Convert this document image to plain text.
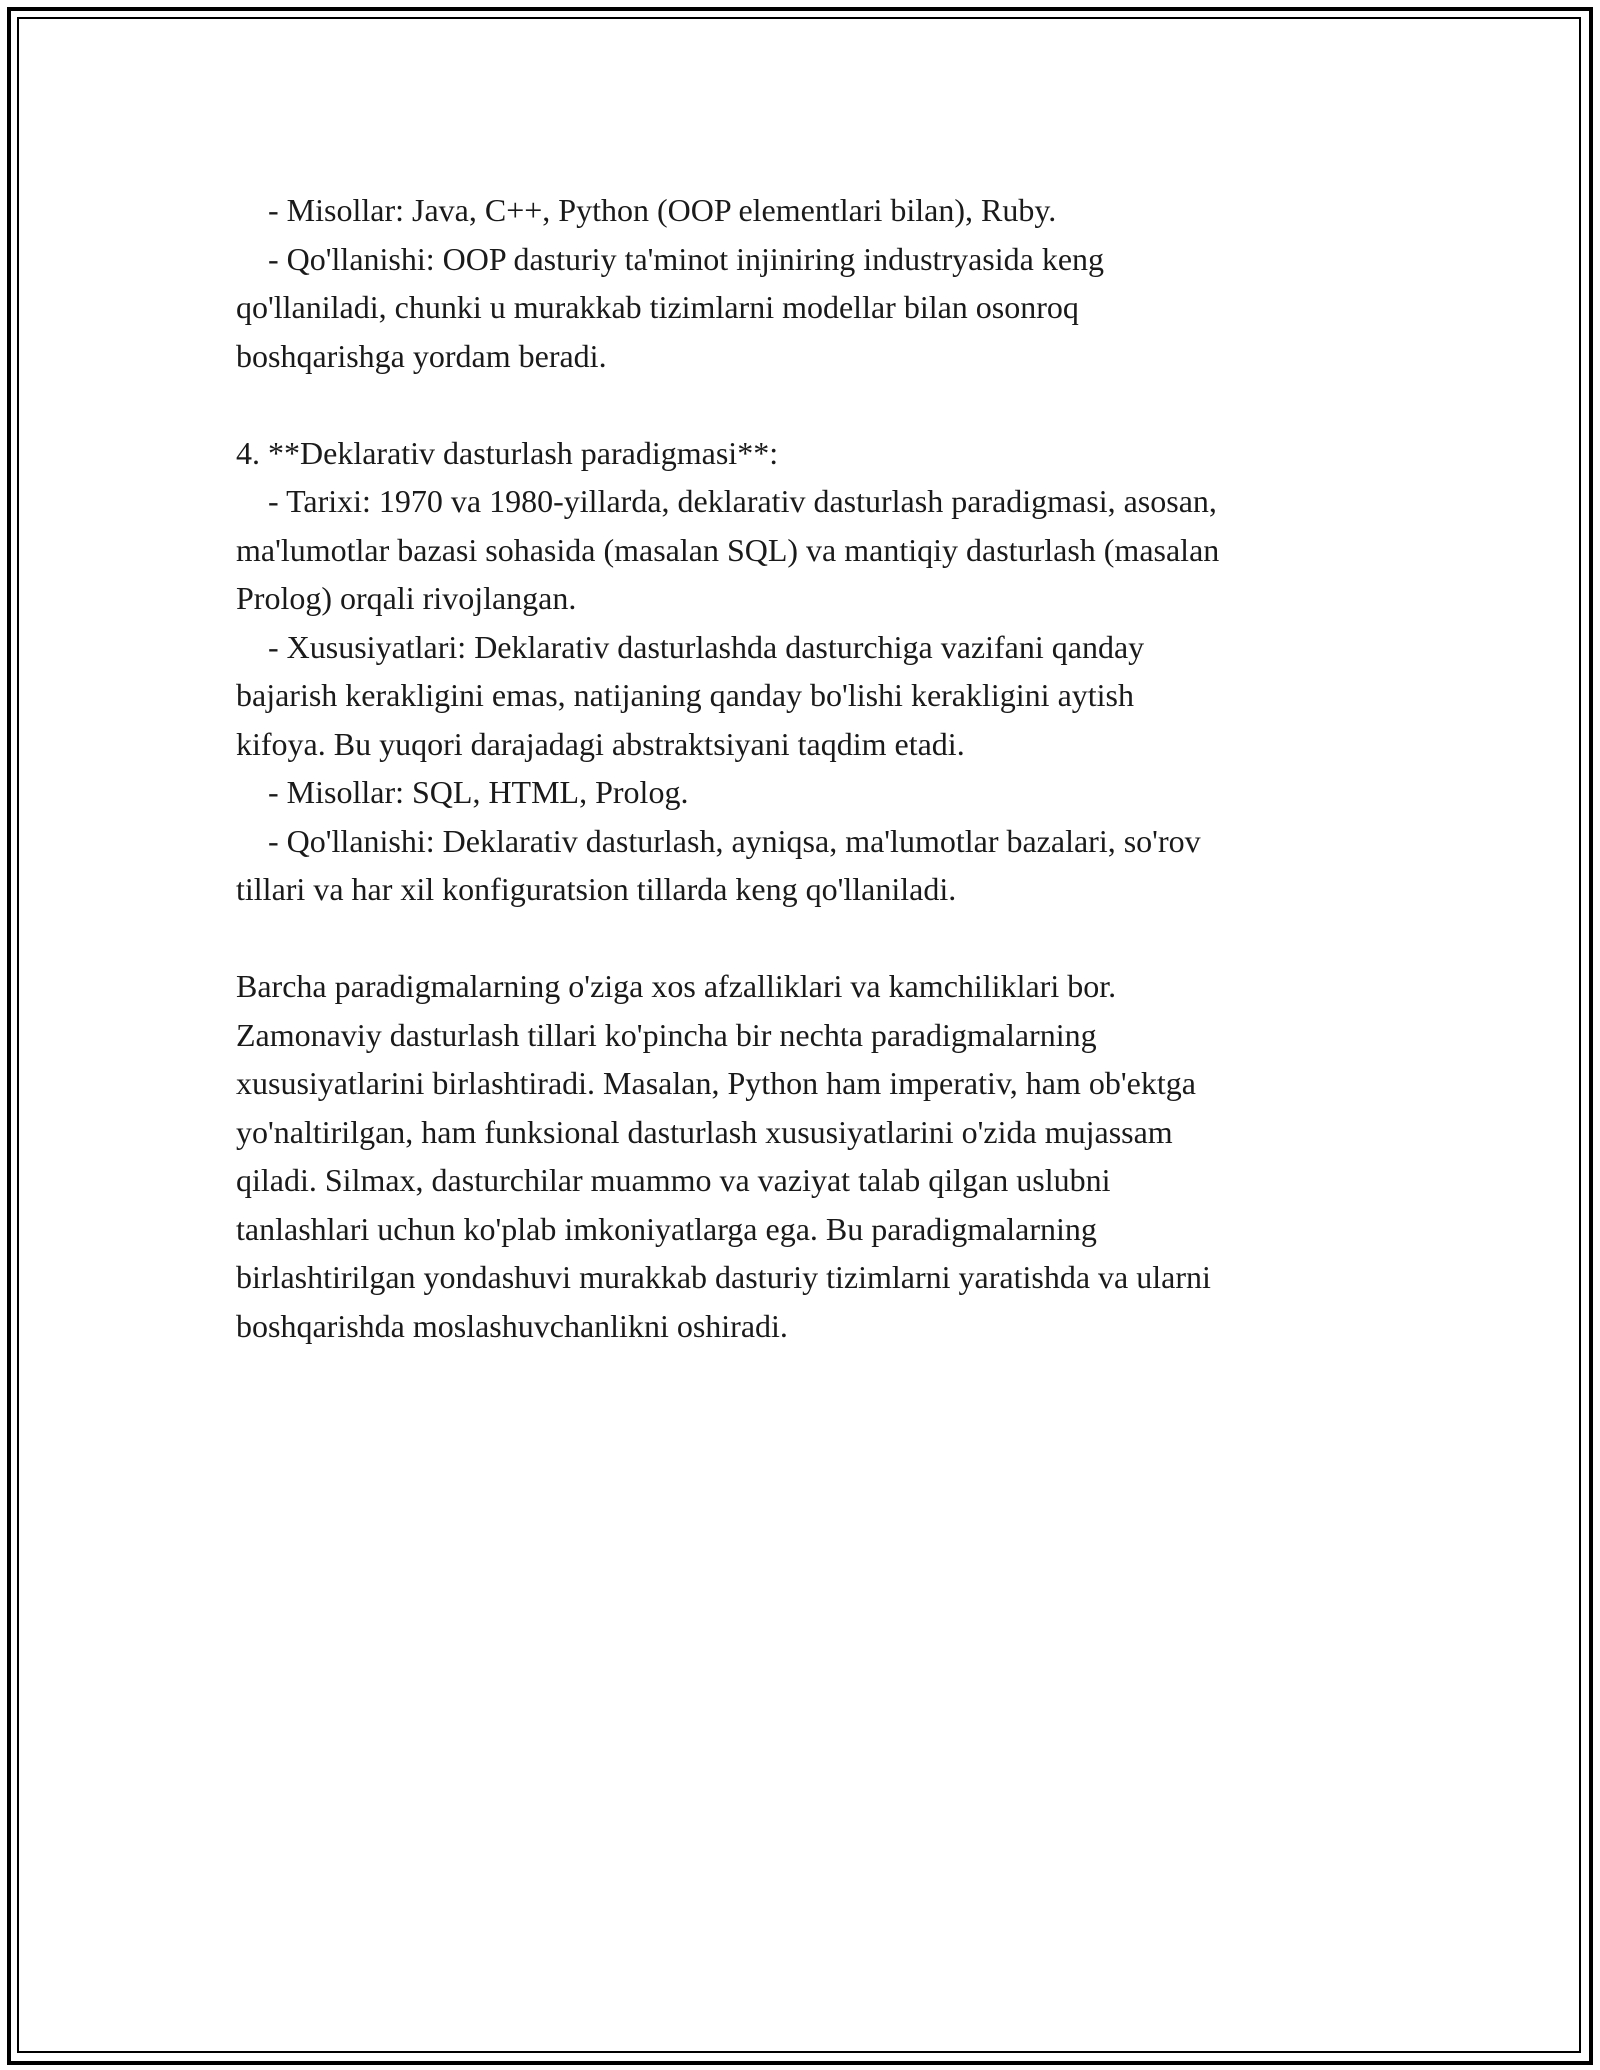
- Misollar: Java, C++, Python (OOP elementlari bilan), Ruby.
- Qo'llanishi: OOP dasturiy ta'minot injiniring industryasida keng
qo'llaniladi, chunki u murakkab tizimlarni modellar bilan osonroq
boshqarishga yordam beradi.
4. **Deklarativ dasturlash paradigmasi**:
- Tarixi: 1970 va 1980-yillarda, deklarativ dasturlash paradigmasi, asosan,
ma'lumotlar bazasi sohasida (masalan SQL) va mantiqiy dasturlash (masalan
Prolog) orqali rivojlangan.
- Xususiyatlari: Deklarativ dasturlashda dasturchiga vazifani qanday
bajarish kerakligini emas, natijaning qanday bo'lishi kerakligini aytish
kifoya. Bu yuqori darajadagi abstraktsiyani taqdim etadi.
- Misollar: SQL, HTML, Prolog.
- Qo'llanishi: Deklarativ dasturlash, ayniqsa, ma'lumotlar bazalari, so'rov
tillari va har xil konfiguratsion tillarda keng qo'llaniladi.
Barcha paradigmalarning o'ziga xos afzalliklari va kamchiliklari bor.
Zamonaviy dasturlash tillari ko'pincha bir nechta paradigmalarning
xususiyatlarini birlashtiradi. Masalan, Python ham imperativ, ham ob'ektga
yo'naltirilgan, ham funksional dasturlash xususiyatlarini o'zida mujassam
qiladi. Silmax, dasturchilar muammo va vaziyat talab qilgan uslubni
tanlashlari uchun ko'plab imkoniyatlarga ega. Bu paradigmalarning
birlashtirilgan yondashuvi murakkab dasturiy tizimlarni yaratishda va ularni
boshqarishda moslashuvchanlikni oshiradi.
